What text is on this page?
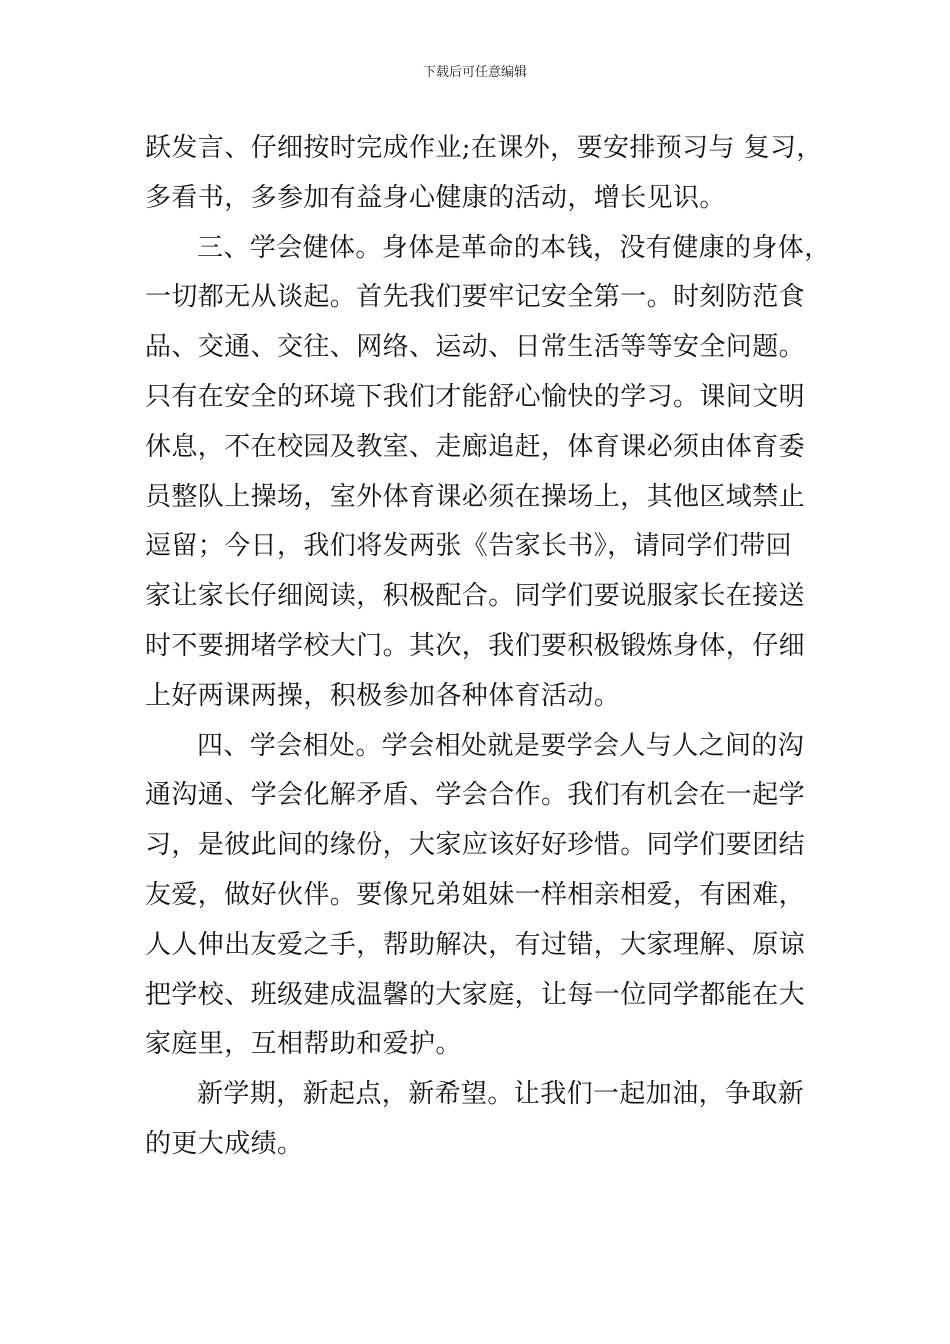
下载后可任意编辑
跃发言、仔细按时完成作业;在课外，要安排预习与 复习，
多看书，多参加有益身心健康的活动，增长见识。
三、学会健体。身体是革命的本钱，没有健康的身体，
一切都无从谈起。首先我们要牢记安全第一。时刻防范食
品、交通、交往、网络、运动、日常生活等等安全问题。
只有在安全的环境下我们才能舒心愉快的学习。课间文明
休息，不在校园及教室、走廊追赶，体育课必须由体育委
员整队上操场，室外体育课必须在操场上，其他区域禁止
逗留；今日，我们将发两张《告家长书》，请同学们带回
家让家长仔细阅读，积极配合。同学们要说服家长在接送
时不要拥堵学校大门。其次，我们要积极锻炼身体，仔细
上好两课两操，积极参加各种体育活动。
四、学会相处。学会相处就是要学会人与人之间的沟
通沟通、学会化解矛盾、学会合作。我们有机会在一起学
习，是彼此间的缘份，大家应该好好珍惜。同学们要团结
友爱，做好伙伴。要像兄弟姐妹一样相亲相爱，有困难，
人人伸出友爱之手，帮助解决，有过错，大家理解、原谅
把学校、班级建成温馨的大家庭，让每一位同学都能在大
家庭里，互相帮助和爱护。
新学期，新起点，新希望。让我们一起加油，争取新
的更大成绩。
